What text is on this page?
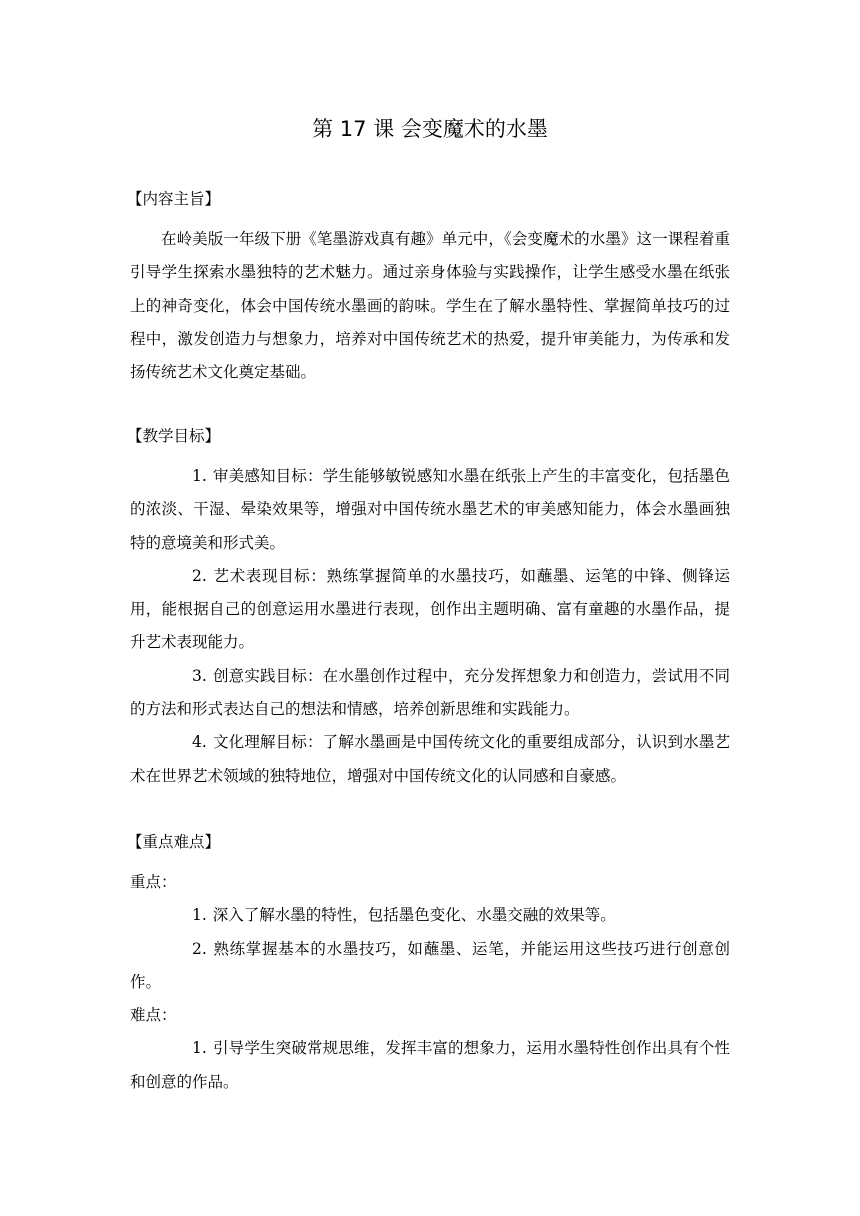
第 17 课 会变魔术的水墨
【内容主旨】

在岭美版一年级下册《笔墨游戏真有趣》单元中，《会变魔术的水墨》这一课程着重引导学生探索水墨独特的艺术魅力。通过亲身体验与实践操作，让学生感受水墨在纸张上的神奇变化，体会中国传统水墨画的韵味。学生在了解水墨特性、掌握简单技巧的过程中，激发创造力与想象力，培养对中国传统艺术的热爱，提升审美能力，为传承和发扬传统艺术文化奠定基础。

【教学目标】
1. 审美感知目标：学生能够敏锐感知水墨在纸张上产生的丰富变化，包括墨色的浓淡、干湿、晕染效果等，增强对中国传统水墨艺术的审美感知能力，体会水墨画独特的意境美和形式美。
2. 艺术表现目标：熟练掌握简单的水墨技巧，如蘸墨、运笔的中锋、侧锋运用，能根据自己的创意运用水墨进行表现，创作出主题明确、富有童趣的水墨作品，提升艺术表现能力。
3. 创意实践目标：在水墨创作过程中，充分发挥想象力和创造力，尝试用不同的方法和形式表达自己的想法和情感，培养创新思维和实践能力。
4. 文化理解目标：了解水墨画是中国传统文化的重要组成部分，认识到水墨艺术在世界艺术领域的独特地位，增强对中国传统文化的认同感和自豪感。
【重点难点】

重点：

1. 深入了解水墨的特性，包括墨色变化、水墨交融的效果等。
2. 熟练掌握基本的水墨技巧，如蘸墨、运笔，并能运用这些技巧进行创意创作。

难点：

1. 引导学生突破常规思维，发挥丰富的想象力，运用水墨特性创作出具有个性和创意的作品。
